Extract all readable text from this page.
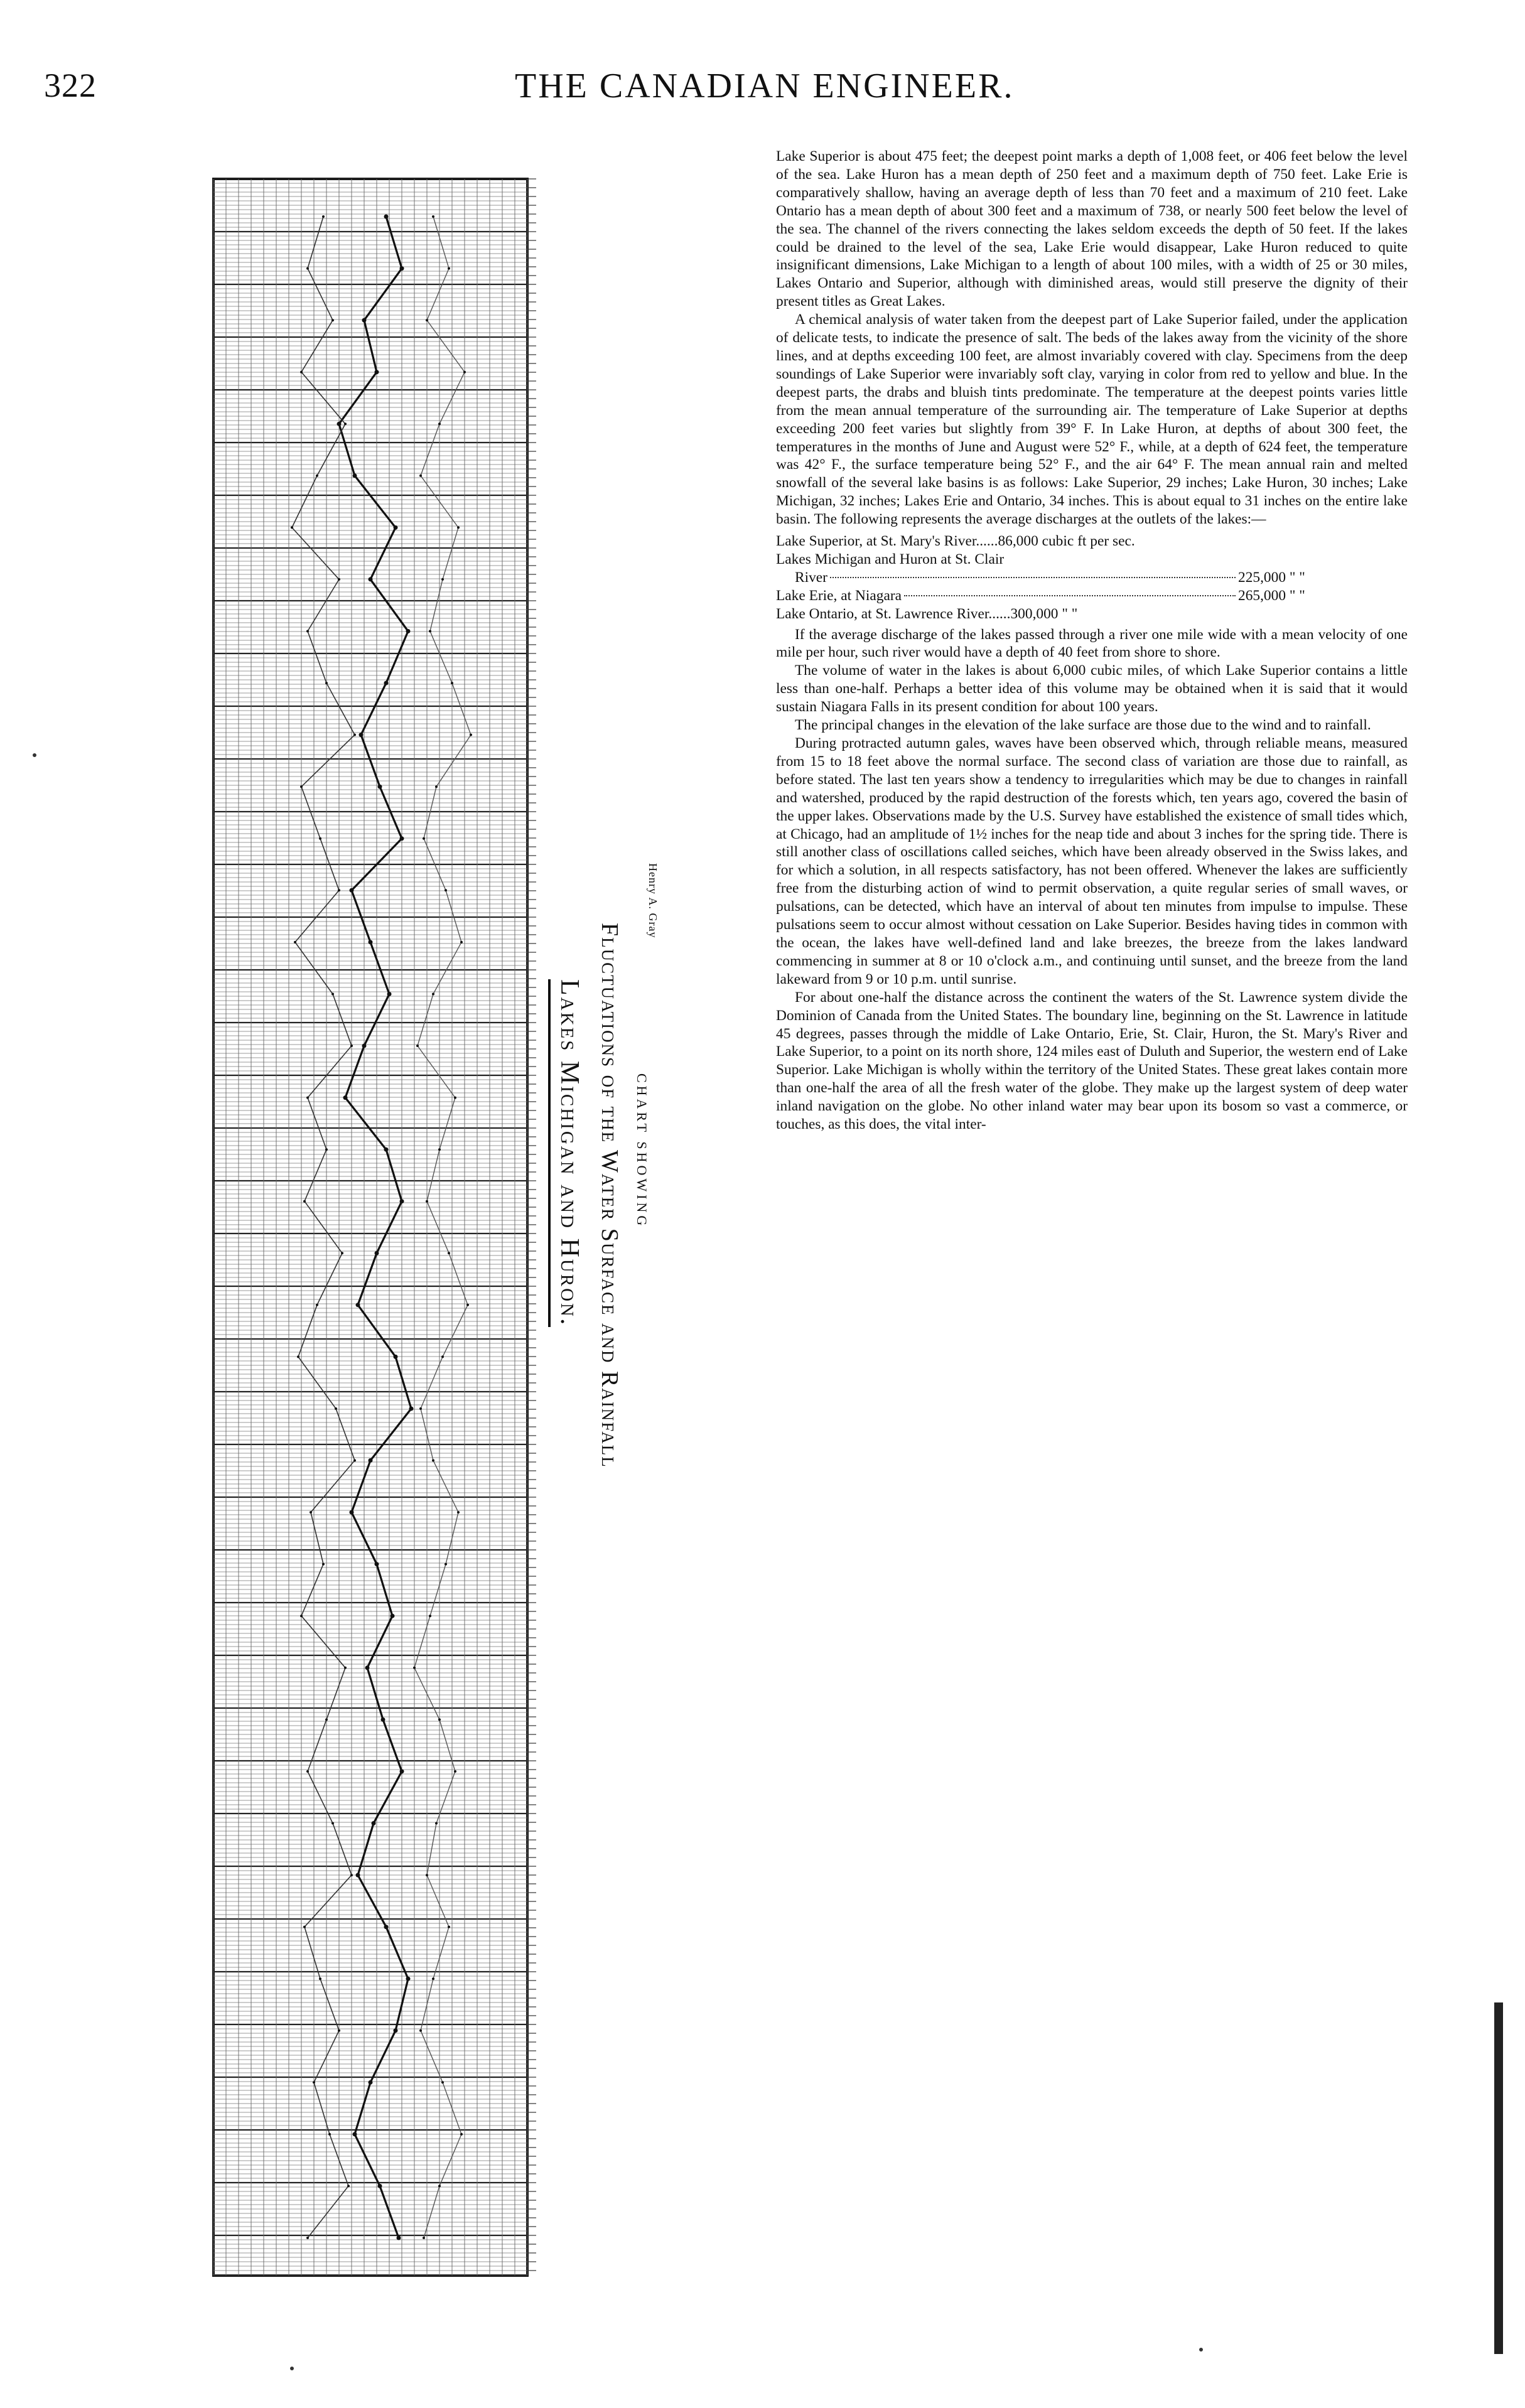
322	THE CANADIAN ENGINEER.
Henry A. Gray
CHART SHOWING
Fluctuations of the Water Surface and Rainfall
Lakes Michigan and Huron.

Lake Superior is about 475 feet; the deepest point marks a depth of 1,008 feet, or 406 feet below the level of the sea. Lake Huron has a mean depth of 250 feet and a maximum depth of 750 feet. Lake Erie is comparatively shallow, having an average depth of less than 70 feet and a maximum of 210 feet. Lake Ontario has a mean depth of about 300 feet and a maximum of 738, or nearly 500 feet below the level of the sea. The channel of the rivers connecting the lakes seldom exceeds the depth of 50 feet. If the lakes could be drained to the level of the sea, Lake Erie would disappear, Lake Huron reduced to quite insignificant dimensions, Lake Michigan to a length of about 100 miles, with a width of 25 or 30 miles, Lakes Ontario and Superior, although with diminished areas, would still preserve the dignity of their present titles as Great Lakes.

A chemical analysis of water taken from the deepest part of Lake Superior failed, under the application of delicate tests, to indicate the presence of salt. The beds of the lakes away from the vicinity of the shore lines, and at depths exceeding 100 feet, are almost invariably covered with clay. Specimens from the deep soundings of Lake Superior were invariably soft clay, varying in color from red to yellow and blue. In the deepest parts, the drabs and bluish tints predominate. The temperature at the deepest points varies little from the mean annual temperature of the surrounding air. The temperature of Lake Superior at depths exceeding 200 feet varies but slightly from 39° F. In Lake Huron, at depths of about 300 feet, the temperatures in the months of June and August were 52° F., while, at a depth of 624 feet, the temperature was 42° F., the surface temperature being 52° F., and the air 64° F. The mean annual rain and melted snowfall of the several lake basins is as follows: Lake Superior, 29 inches; Lake Huron, 30 inches; Lake Michigan, 32 inches; Lakes Erie and Ontario, 34 inches. This is about equal to 31 inches on the entire lake basin. The following represents the average discharges at the outlets of the lakes:—

Lake Superior, at St. Mary's River...... 86,000 cubic ft per sec.
Lakes Michigan and Huron at St. Clair
River	225,000 " "
Lake Erie, at Niagara	265,000 " "
Lake Ontario, at St. Lawrence River...... 300,000 " "

If the average discharge of the lakes passed through a river one mile wide with a mean velocity of one mile per hour, such river would have a depth of 40 feet from shore to shore.

The volume of water in the lakes is about 6,000 cubic miles, of which Lake Superior contains a little less than one-half. Perhaps a better idea of this volume may be obtained when it is said that it would sustain Niagara Falls in its present condition for about 100 years.

The principal changes in the elevation of the lake surface are those due to the wind and to rainfall.

During protracted autumn gales, waves have been observed which, through reliable means, measured from 15 to 18 feet above the normal surface. The second class of variation are those due to rainfall, as before stated. The last ten years show a tendency to irregularities which may be due to changes in rainfall and watershed, produced by the rapid destruction of the forests which, ten years ago, covered the basin of the upper lakes. Observations made by the U.S. Survey have established the existence of small tides which, at Chicago, had an amplitude of 1½ inches for the neap tide and about 3 inches for the spring tide. There is still another class of oscillations called seiches, which have been already observed in the Swiss lakes, and for which a solution, in all respects satisfactory, has not been offered. Whenever the lakes are sufficiently free from the disturbing action of wind to permit observation, a quite regular series of small waves, or pulsations, can be detected, which have an interval of about ten minutes from impulse to impulse. These pulsations seem to occur almost without cessation on Lake Superior. Besides having tides in common with the ocean, the lakes have well-defined land and lake breezes, the breeze from the lakes landward commencing in summer at 8 or 10 o'clock a.m., and continuing until sunset, and the breeze from the land lakeward from 9 or 10 p.m. until sunrise.

For about one-half the distance across the continent the waters of the St. Lawrence system divide the Dominion of Canada from the United States. The boundary line, beginning on the St. Lawrence in latitude 45 degrees, passes through the middle of Lake Ontario, Erie, St. Clair, Huron, the St. Mary's River and Lake Superior, to a point on its north shore, 124 miles east of Duluth and Superior, the western end of Lake Superior. Lake Michigan is wholly within the territory of the United States. These great lakes contain more than one-half the area of all the fresh water of the globe. They make up the largest system of deep water inland navigation on the globe. No other inland water may bear upon its bosom so vast a commerce, or touches, as this does, the vital inter-
